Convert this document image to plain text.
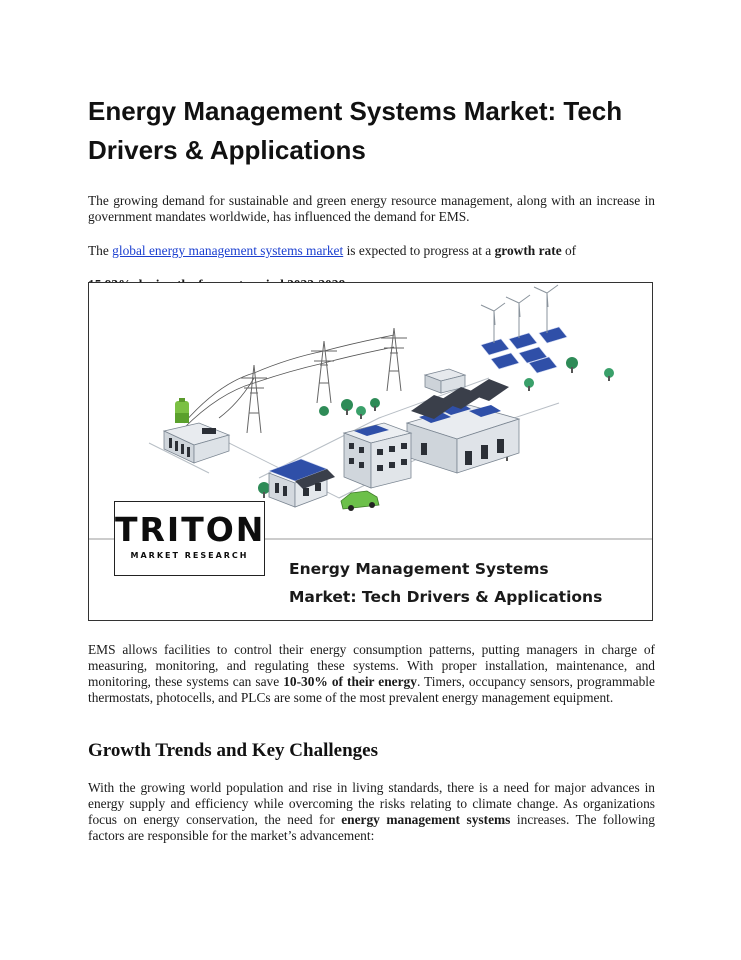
Energy Management Systems Market: Tech Drivers & Applications

The growing demand for sustainable and green energy resource management, along with an increase in government mandates worldwide, has influenced the demand for EMS.

The global energy management systems market is expected to progress at a growth rate of

TRITON
MARKET RESEARCH
Energy Management Systems
Market: Tech Drivers & Applications

EMS allows facilities to control their energy consumption patterns, putting managers in charge of measuring, monitoring, and regulating these systems. With proper installation, maintenance, and monitoring, these systems can save 10-30% of their energy. Timers, occupancy sensors, programmable thermostats, photocells, and PLCs are some of the most prevalent energy management equipment.

Growth Trends and Key Challenges

With the growing world population and rise in living standards, there is a need for major advances in energy supply and efficiency while overcoming the risks relating to climate change. As organizations focus on energy conservation, the need for energy management systems increases. The following factors are responsible for the market’s advancement:
